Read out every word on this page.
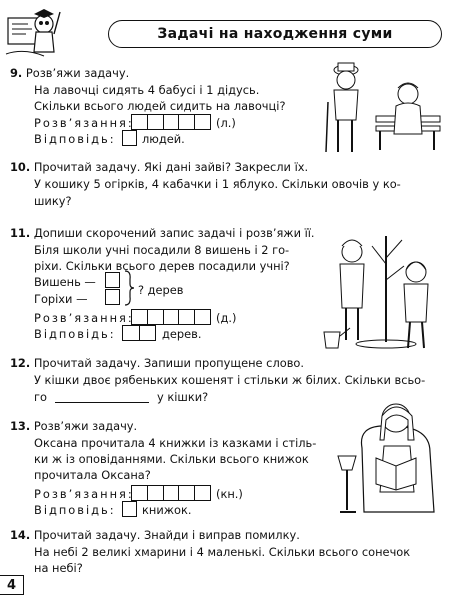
Задачі на находження суми
9. Розв’яжи задачу.
На лавочці сидять 4 бабусі і 1 дідусь.
Скільки всього людей сидить на лавочці?
Розв’язання:	(л.)
Відповідь: людей.
10. Прочитай задачу. Які дані зайві? Закресли їх.
У кошику 5 огірків, 4 кабачки і 1 яблуко. Скільки овочів у ко-
шику?
11. Допиши скорочений запис задачі і розв’яжи її.
Біля школи учні посадили 8 вишень і 2 го-
ріхи. Скільки всього дерев посадили учні?
Вишень —
Горіхи —
? дерев
Розв’язання:	(д.)
Відповідь:	дерев.
12. Прочитай задачу. Запиши пропущене слово.
У кішки двоє рябеньких кошенят і стільки ж білих. Скільки всьо-
го	у кішки?
13. Розв’яжи задачу.
Оксана прочитала 4 книжки із казками і стіль-
ки ж із оповіданнями. Скільки всього книжок
прочитала Оксана?
Розв’язання:	(кн.)
Відповідь: книжок.
14. Прочитай задачу. Знайди і виправ помилку.
На небі 2 великі хмарини і 4 маленькі. Скільки всього сонечок
на небі?
4
